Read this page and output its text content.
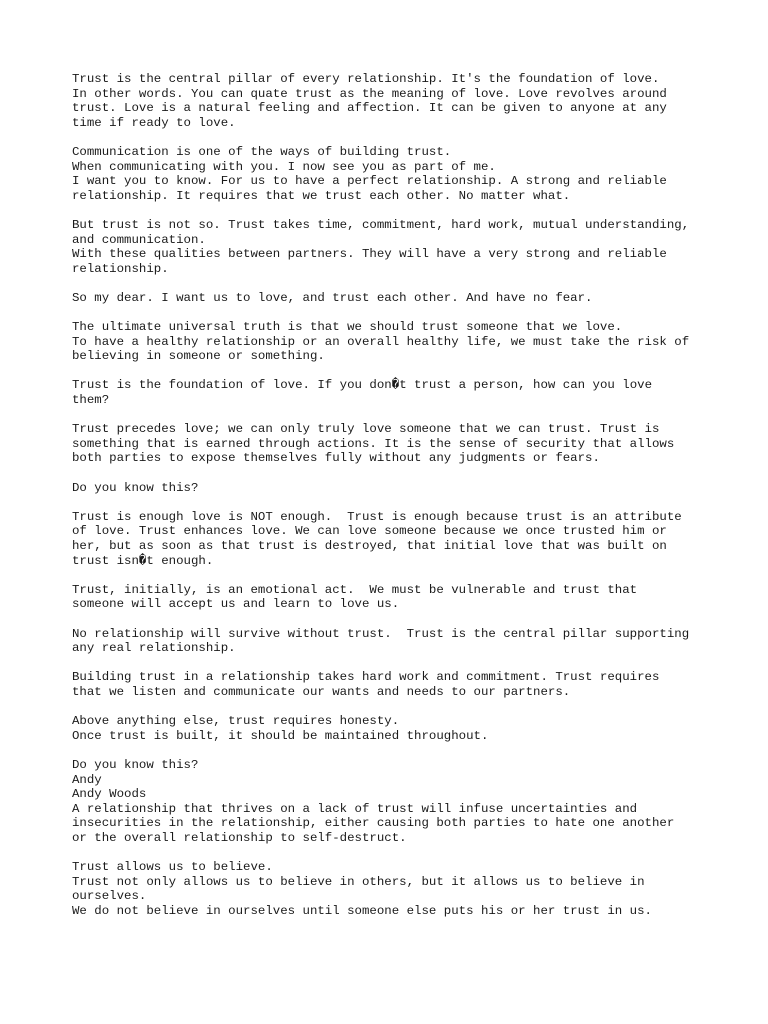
Trust is the central pillar of every relationship. It's the foundation of love.
In other words. You can quate trust as the meaning of love. Love revolves around
trust. Love is a natural feeling and affection. It can be given to anyone at any
time if ready to love.

Communication is one of the ways of building trust.
When communicating with you. I now see you as part of me.
I want you to know. For us to have a perfect relationship. A strong and reliable
relationship. It requires that we trust each other. No matter what.

But trust is not so. Trust takes time, commitment, hard work, mutual understanding,
and communication.
With these qualities between partners. They will have a very strong and reliable
relationship.

So my dear. I want us to love, and trust each other. And have no fear.

The ultimate universal truth is that we should trust someone that we love.
To have a healthy relationship or an overall healthy life, we must take the risk of
believing in someone or something.

Trust is the foundation of love. If you don�t trust a person, how can you love
them?

Trust precedes love; we can only truly love someone that we can trust. Trust is
something that is earned through actions. It is the sense of security that allows
both parties to expose themselves fully without any judgments or fears.

Do you know this?

Trust is enough love is NOT enough.  Trust is enough because trust is an attribute
of love. Trust enhances love. We can love someone because we once trusted him or
her, but as soon as that trust is destroyed, that initial love that was built on
trust isn�t enough.

Trust, initially, is an emotional act.  We must be vulnerable and trust that
someone will accept us and learn to love us.

No relationship will survive without trust.  Trust is the central pillar supporting
any real relationship.

Building trust in a relationship takes hard work and commitment. Trust requires
that we listen and communicate our wants and needs to our partners.

Above anything else, trust requires honesty.
Once trust is built, it should be maintained throughout.

Do you know this?
Andy
Andy Woods
A relationship that thrives on a lack of trust will infuse uncertainties and
insecurities in the relationship, either causing both parties to hate one another
or the overall relationship to self-destruct.

Trust allows us to believe.
Trust not only allows us to believe in others, but it allows us to believe in
ourselves.
We do not believe in ourselves until someone else puts his or her trust in us.
